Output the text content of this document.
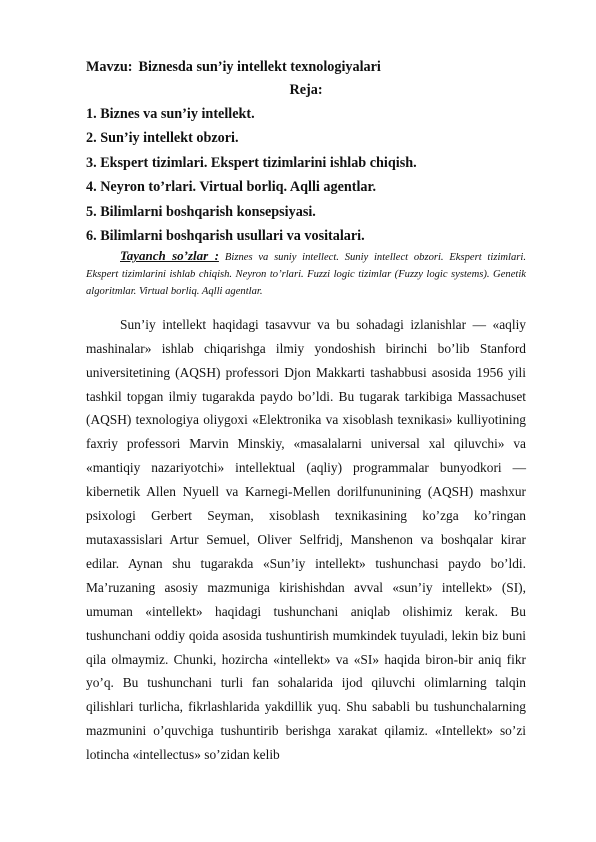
Mavzu: Biznesda sun’iy intellekt texnologiyalari

Reja:

1. Biznes va sun’iy intellekt.
2. Sun’iy intellekt obzori.
3. Ekspert tizimlari. Ekspert tizimlarini ishlab chiqish.
4. Neyron to’rlari. Virtual borliq. Aqlli agentlar.
5. Bilimlarni boshqarish konsepsiyasi.
6. Bilimlarni boshqarish usullari va vositalari.

Tayanch so’zlar : Biznes va suniy intellect. Suniy intellect obzori. Ekspert tizimlari. Ekspert tizimlarini ishlab chiqish. Neyron to’rlari. Fuzzi logic tizimlar (Fuzzy logic systems). Genetik algoritmlar. Virtual borliq. Aqlli agentlar.

Sun’iy intellekt haqidagi tasavvur va bu sohadagi izlanishlar — «aqliy mashinalar» ishlab chiqarishga ilmiy yondoshish birinchi bo’lib Stanford universitetining (AQSH) professori Djon Makkarti tashabbusi asosida 1956 yili tashkil topgan ilmiy tugarakda paydo bo’ldi. Bu tugarak tarkibiga Massachuset (AQSH) texnologiya oliygoxi «Elektronika va xisoblash texnikasi» kulliyotining faxriy professori Marvin Minskiy, «masalalarni universal xal qiluvchi» va «mantiqiy nazariyotchi» intellektual (aqliy) programmalar bunyodkori — kibernetik Allen Nyuell va Karnegi-Mellen dorilfununining (AQSH) mashxur psixologi Gerbert Seyman, xisoblash texnikasining ko’zga ko’ringan mutaxassislari Artur Semuel, Oliver Selfridj, Manshenon va boshqalar kirar edilar. Aynan shu tugarakda «Sun’iy intellekt» tushunchasi paydo bo’ldi. Ma’ruzaning asosiy mazmuniga kirishishdan avval «sun’iy intellekt» (SI), umuman «intellekt» haqidagi tushunchani aniqlab olishimiz kerak. Bu tushunchani oddiy qoida asosida tushuntirish mumkindek tuyuladi, lekin biz buni qila olmaymiz. Chunki, hozircha «intellekt» va «SI» haqida biron-bir aniq fikr yo’q. Bu tushunchani turli fan sohalarida ijod qiluvchi olimlarning talqin qilishlari turlicha, fikrlashlarida yakdillik yuq. Shu sababli bu tushunchalarning mazmunini o’quvchiga tushuntirib berishga xarakat qilamiz. «Intellekt» so’zi lotincha «intellectus» so’zidan kelib
